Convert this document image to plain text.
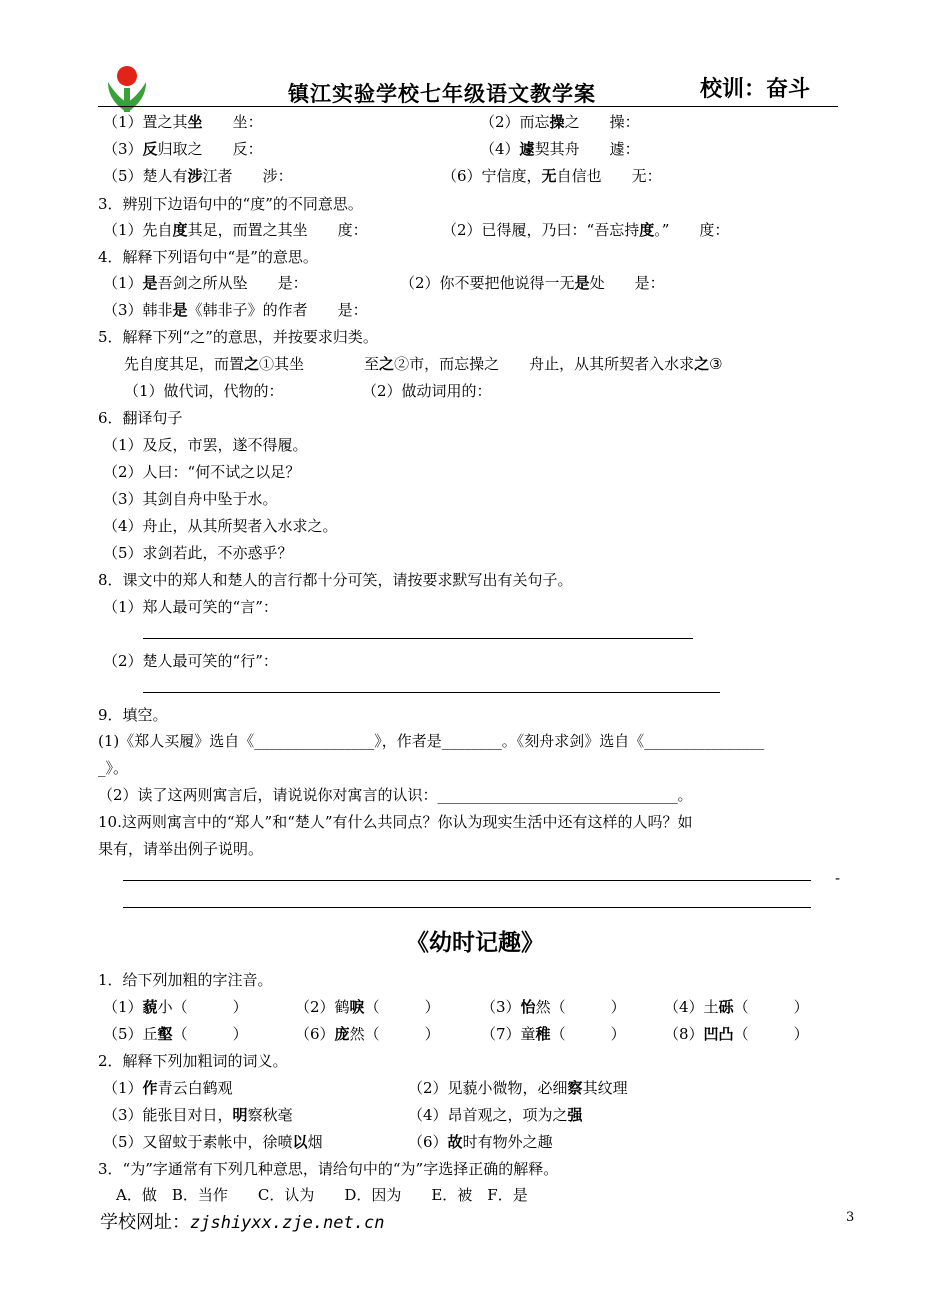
镇江实验学校七年级语文教学案	校训：奋斗
（1）置之其坐　　坐：	（2）而忘操之　　操：
（3）反归取之　　反：	（4）遽契其舟　　遽：
（5）楚人有涉江者　　涉：	（6）宁信度，无自信也　　无：
3．辨别下边语句中的“度”的不同意思。
（1）先自度其足，而置之其坐　　度：	（2）已得履，乃曰：“吾忘持度。”　　度：
4．解释下列语句中“是”的意思。
（1）是吾剑之所从坠　　是：	（2）你不要把他说得一无是处　　是：
（3）韩非是《韩非子》的作者　　是：
5．解释下列“之”的意思，并按要求归类。
先自度其足，而置之①其坐　　　　至之②市，而忘操之　　舟止，从其所契者入水求之③
（1）做代词，代物的：	（2）做动词用的：
6．翻译句子
（1）及反，市罢，遂不得履。
（2）人曰：“何不试之以足？
（3）其剑自舟中坠于水。
（4）舟止，从其所契者入水求之。
（5）求剑若此，不亦惑乎？
8．课文中的郑人和楚人的言行都十分可笑，请按要求默写出有关句子。
（1）郑人最可笑的“言”：
（2）楚人最可笑的“行”：
9．填空。
(1)《郑人买履》选自《________________》，作者是________。《刻舟求剑》选自《________________
_》。
（2）读了这两则寓言后，请说说你对寓言的认识：________________________________。
10.这两则寓言中的“郑人”和“楚人”有什么共同点？你认为现实生活中还有这样的人吗？如
果有，请举出例子说明。
-
《幼时记趣》
1．给下列加粗的字注音。
（1）藐小（　　　）	（2）鹤唳（　　　）	（3）怡然（　　　）	（4）土砾（　　　）
（5）丘壑（　　　）	（6）庞然（　　　）	（7）童稚（　　　）	（8）凹凸（　　　）
2．解释下列加粗词的词义。
（1）作青云白鹤观	（2）见藐小微物，必细察其纹理
（3）能张目对日，明察秋毫	（4）昂首观之，项为之强
（5）又留蚊于素帐中，徐喷以烟	（6）故时有物外之趣
3．“为”字通常有下列几种意思，请给句中的“为”字选择正确的解释。
A．做　B．当作　　C．认为　　D．因为　　E．被　F．是
学校网址：zjshiyxx.zje.net.cn	3
